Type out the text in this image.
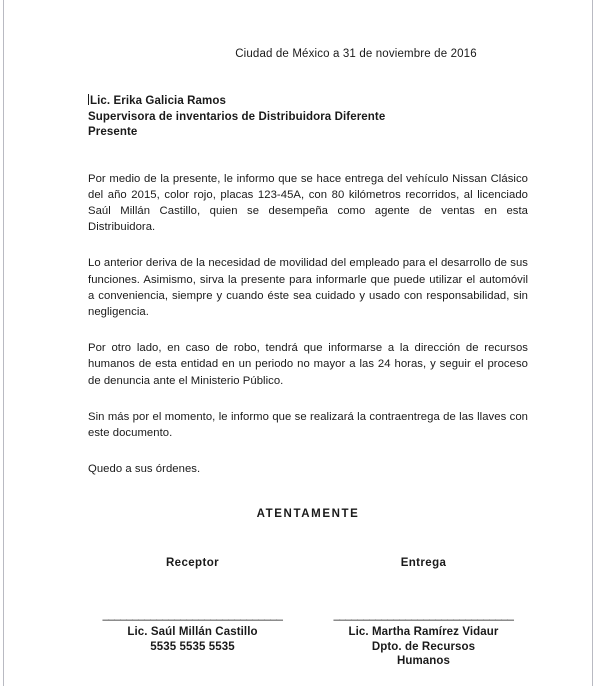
Ciudad de México a 31 de noviembre de 2016

Lic. Erika Galicia Ramos
Supervisora de inventarios de Distribuidora Diferente
Presente

Por medio de la presente, le informo que se hace entrega del vehículo Nissan Clásico del año 2015, color rojo, placas 123-45A, con 80 kilómetros recorridos, al licenciado Saúl Millán Castillo, quien se desempeña como agente de ventas en esta Distribuidora.

Lo anterior deriva de la necesidad de movilidad del empleado para el desarrollo de sus funciones. Asimismo, sirva la presente para informarle que puede utilizar el automóvil a conveniencia, siempre y cuando éste sea cuidado y usado con responsabilidad, sin negligencia.

Por otro lado, en caso de robo, tendrá que informarse a la dirección de recursos humanos de esta entidad en un periodo no mayor a las 24 horas, y seguir el proceso de denuncia ante el Ministerio Público.

Sin más por el momento, le informo que se realizará la contraentrega de las llaves con este documento.

Quedo a sus órdenes.

ATENTAMENTE

Receptor	Entrega
______________________________
Lic. Saúl Millán Castillo
5535 5535 5535
______________________________
Lic. Martha Ramírez Vidaur
Dpto. de Recursos
Humanos
